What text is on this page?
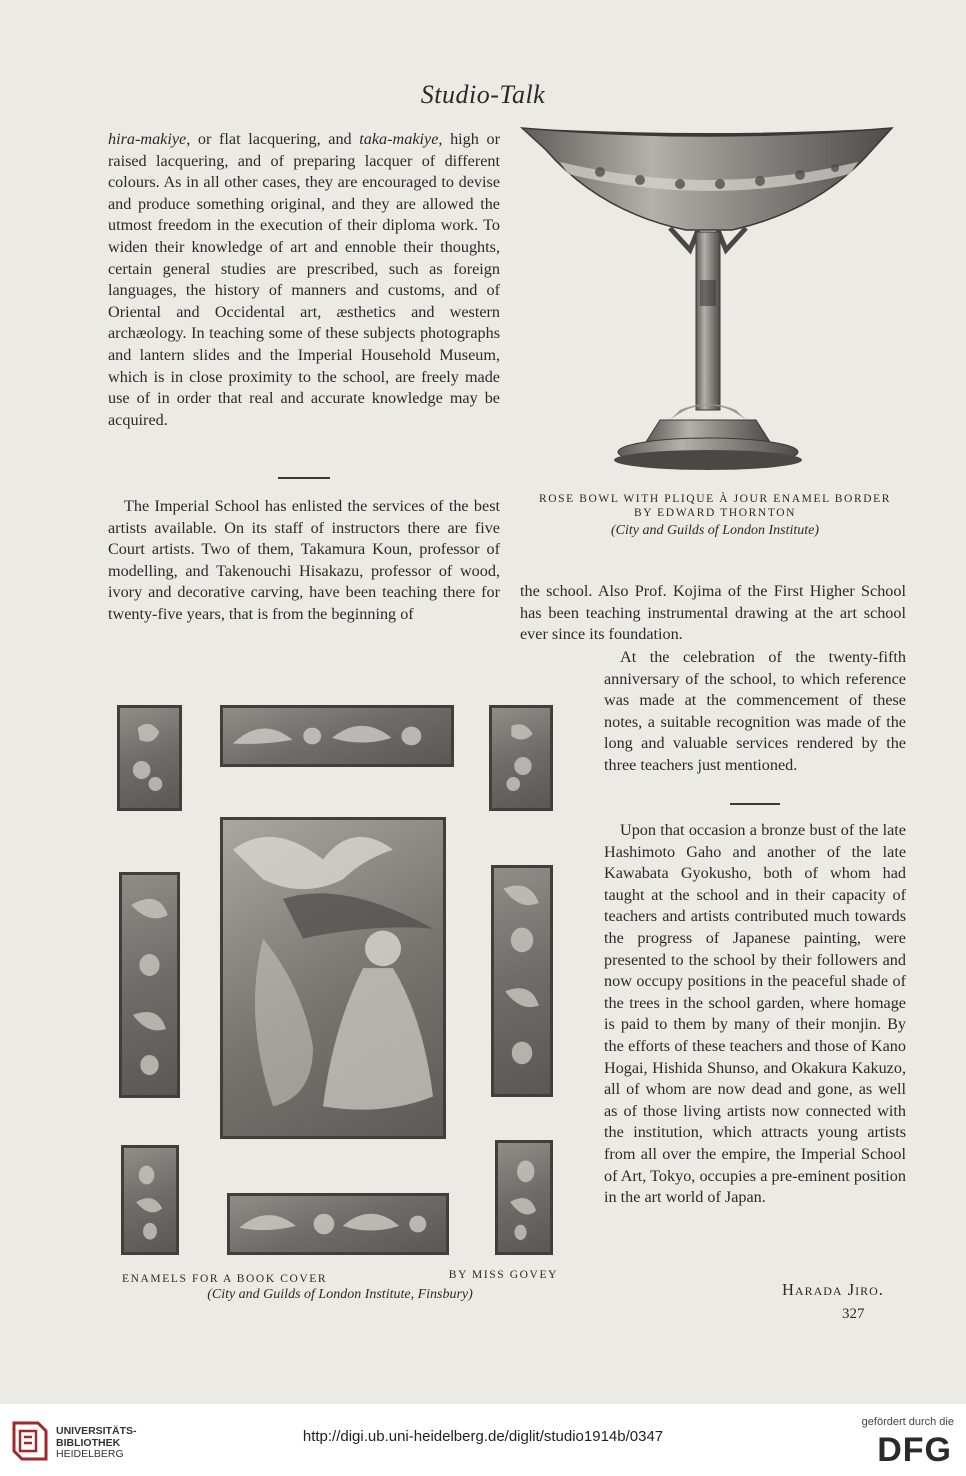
Studio-Talk

hira-makiye, or flat lacquering, and taka-makiye, high or raised lacquering, and of preparing lacquer of different colours. As in all other cases, they are encouraged to devise and produce something original, and they are allowed the utmost freedom in the execution of their diploma work. To widen their knowledge of art and ennoble their thoughts, certain general studies are prescribed, such as foreign languages, the history of manners and customs, and of Oriental and Occidental art, æsthetics and western archæology. In teaching some of these subjects photographs and lantern slides and the Imperial Household Museum, which is in close proximity to the school, are freely made use of in order that real and accurate knowledge may be acquired.

The Imperial School has enlisted the services of the best artists available. On its staff of instructors there are five Court artists. Two of them, Takamura Koun, professor of modelling, and Takenouchi Hisakazu, professor of wood, ivory and decorative carving, have been teaching there for twenty-five years, that is from the beginning of

ROSE BOWL WITH PLIQUE À JOUR ENAMEL BORDER
BY EDWARD THORNTON
(City and Guilds of London Institute)

the school. Also Prof. Kojima of the First Higher School has been teaching instrumental drawing at the art school ever since its foundation.

At the celebration of the twenty-fifth anniversary of the school, to which reference was made at the commencement of these notes, a suitable recognition was made of the long and valuable services rendered by the three teachers just mentioned.

Upon that occasion a bronze bust of the late Hashimoto Gaho and another of the late Kawabata Gyokusho, both of whom had taught at the school and in their capacity of teachers and artists contributed much towards the progress of Japanese painting, were presented to the school by their followers and now occupy positions in the peaceful shade of the trees in the school garden, where homage is paid to them by many of their monjin. By the efforts of these teachers and those of Kano Hogai, Hishida Shunso, and Okakura Kakuzo, all of whom are now dead and gone, as well as of those living artists now connected with the institution, which attracts young artists from all over the empire, the Imperial School of Art, Tokyo, occupies a pre-eminent position in the art world of Japan.

Harada Jiro.
327
ENAMELS FOR A BOOK COVER	BY MISS GOVEY
(City and Guilds of London Institute, Finsbury)
UNIVERSITÄTS-
BIBLIOTHEK
HEIDELBERG
http://digi.ub.uni-heidelberg.de/diglit/studio1914b/0347
gefördert durch die
DFG
